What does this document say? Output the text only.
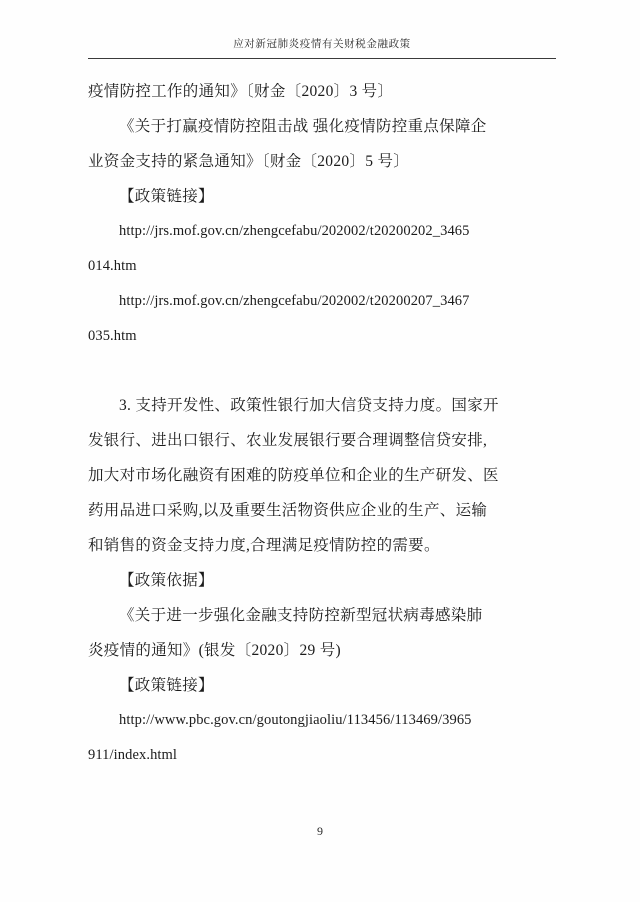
应对新冠肺炎疫情有关财税金融政策

疫情防控工作的通知》〔财金〔2020〕3 号〕

《关于打赢疫情防控阻击战 强化疫情防控重点保障企

业资金支持的紧急通知》〔财金〔2020〕5 号〕

【政策链接】

http://jrs.mof.gov.cn/zhengcefabu/202002/t20200202_3465

014.htm

http://jrs.mof.gov.cn/zhengcefabu/202002/t20200207_3467

035.htm

3. 支持开发性、政策性银行加大信贷支持力度。国家开

发银行、进出口银行、农业发展银行要合理调整信贷安排,

加大对市场化融资有困难的防疫单位和企业的生产研发、医

药用品进口采购,以及重要生活物资供应企业的生产、运输

和销售的资金支持力度,合理满足疫情防控的需要。

【政策依据】

《关于进一步强化金融支持防控新型冠状病毒感染肺

炎疫情的通知》(银发〔2020〕29 号)

【政策链接】

http://www.pbc.gov.cn/goutongjiaoliu/113456/113469/3965

911/index.html

9
